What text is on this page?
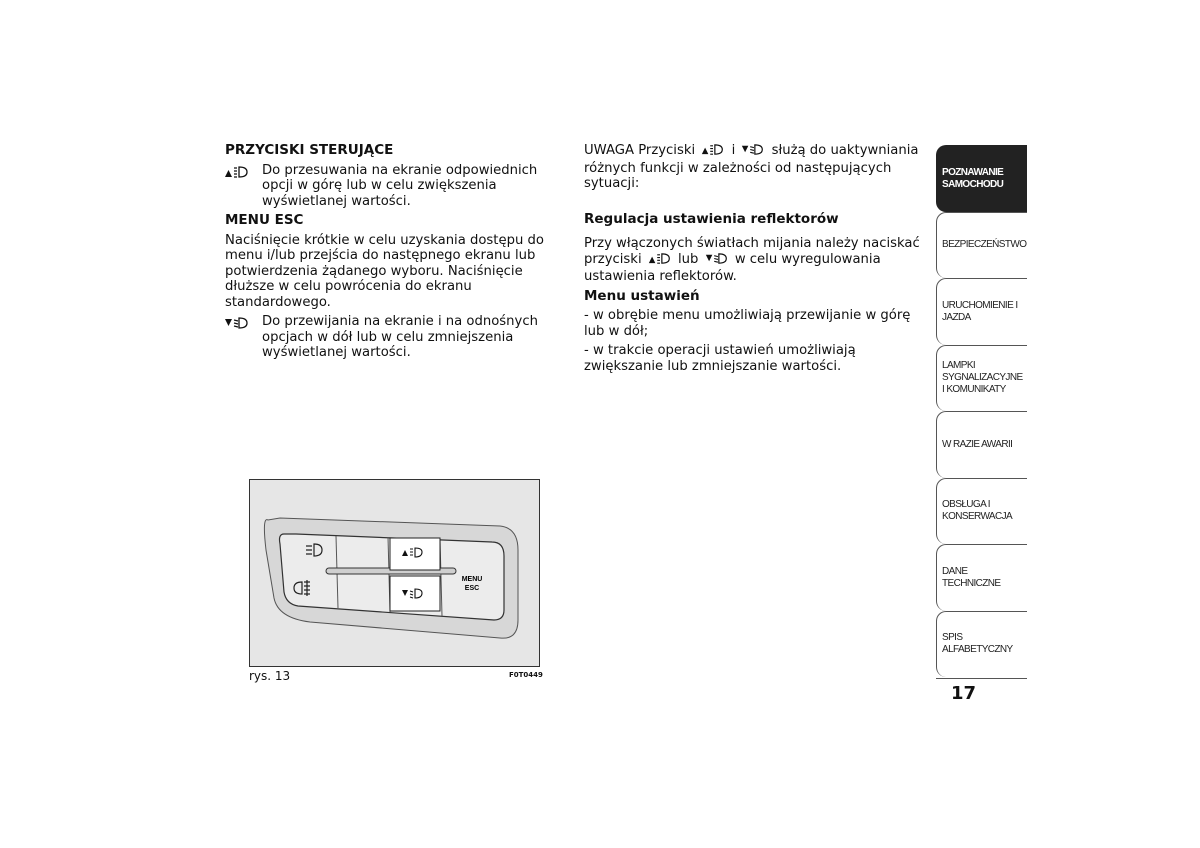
PRZYCISKI STERUJĄCE
Do przesuwania na ekranie odpowiednich opcji w górę lub w celu zwiększenia wyświetlanej wartości.
MENU ESC
Naciśnięcie krótkie w celu uzyskania dostępu do menu i/lub przejścia do następnego ekranu lub potwierdzenia żądanego wyboru. Naciśnięcie dłuższe w celu powrócenia do ekranu standardowego.
Do przewijania na ekranie i na odnośnych opcjach w dół lub w celu zmniejszenia wyświetlanej wartości.
UWAGA Przyciski	i	służą do uaktywniania różnych funkcji w zależności od następujących sytuacji:
Regulacja ustawienia reflektorów
Przy włączonych światłach mijania należy naciskać przyciski	lub	w celu wyregulowania ustawienia reflektorów.
Menu ustawień
- w obrębie menu umożliwiają przewijanie w górę lub w dół;
- w trakcie operacji ustawień umożliwiają zwiększanie lub zmniejszanie wartości.
MENU
ESC
rys. 13	F0T0449
POZNAWANIE SAMOCHODU
BEZPIECZEŃSTWO
URUCHOMIENIE I JAZDA
LAMPKI SYGNALIZACYJNE I KOMUNIKATY
W RAZIE AWARII
OBSŁUGA I KONSERWACJA
DANE TECHNICZNE
SPIS ALFABETYCZNY
17
